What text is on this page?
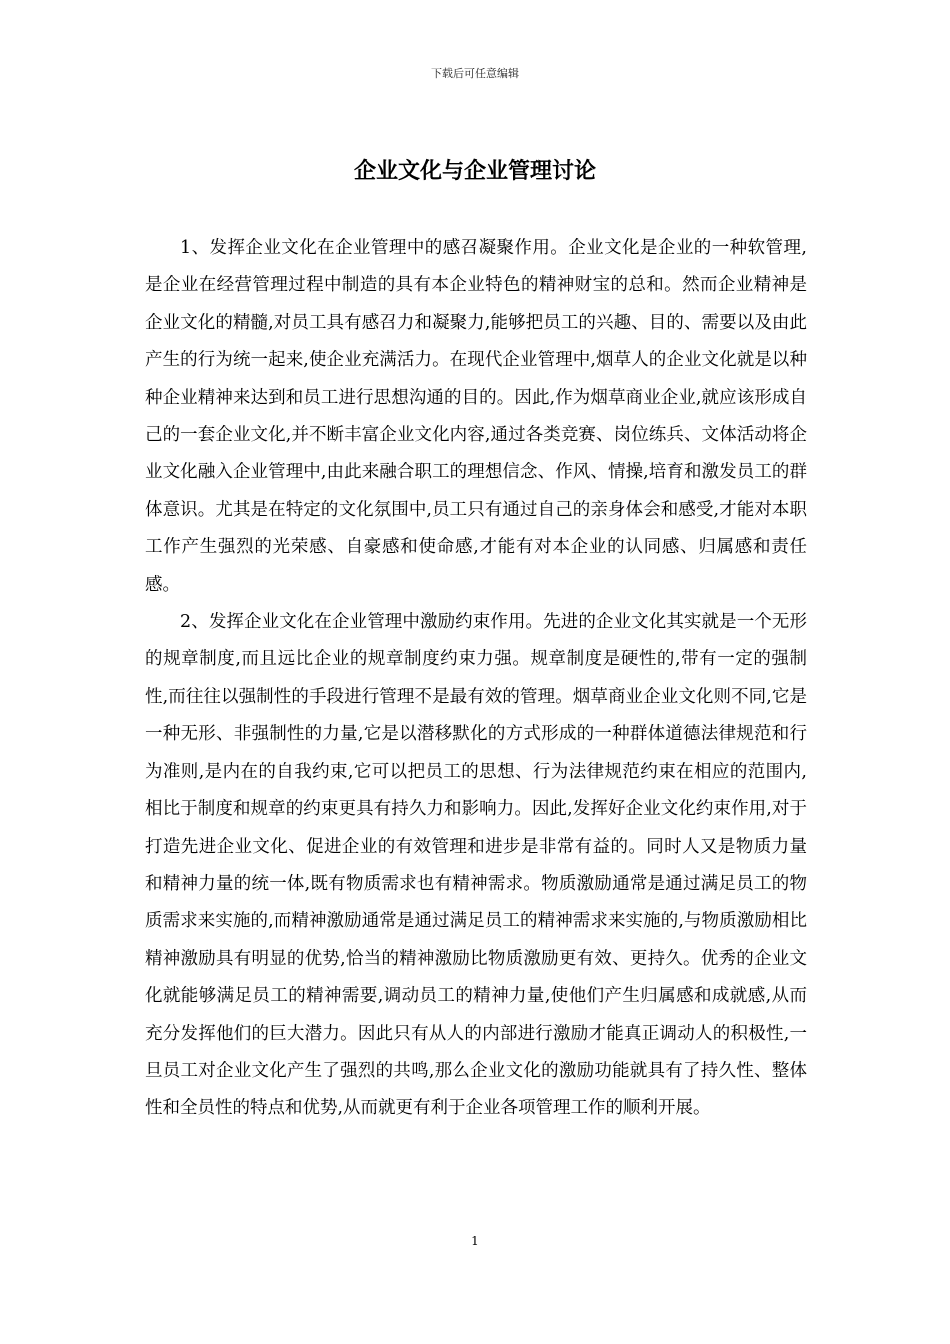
下载后可任意编辑
企业文化与企业管理讨论

1、发挥企业文化在企业管理中的感召凝聚作用。企业文化是企业的一种软管理,是企业在经营管理过程中制造的具有本企业特色的精神财宝的总和。然而企业精神是企业文化的精髓,对员工具有感召力和凝聚力,能够把员工的兴趣、目的、需要以及由此产生的行为统一起来,使企业充满活力。在现代企业管理中,烟草人的企业文化就是以种种企业精神来达到和员工进行思想沟通的目的。因此,作为烟草商业企业,就应该形成自己的一套企业文化,并不断丰富企业文化内容,通过各类竞赛、岗位练兵、文体活动将企业文化融入企业管理中,由此来融合职工的理想信念、作风、情操,培育和激发员工的群体意识。尤其是在特定的文化氛围中,员工只有通过自己的亲身体会和感受,才能对本职工作产生强烈的光荣感、自豪感和使命感,才能有对本企业的认同感、归属感和责任感。

2、发挥企业文化在企业管理中激励约束作用。先进的企业文化其实就是一个无形的规章制度,而且远比企业的规章制度约束力强。规章制度是硬性的,带有一定的强制性,而往往以强制性的手段进行管理不是最有效的管理。烟草商业企业文化则不同,它是一种无形、非强制性的力量,它是以潜移默化的方式形成的一种群体道德法律规范和行为准则,是内在的自我约束,它可以把员工的思想、行为法律规范约束在相应的范围内,相比于制度和规章的约束更具有持久力和影响力。因此,发挥好企业文化约束作用,对于打造先进企业文化、促进企业的有效管理和进步是非常有益的。同时人又是物质力量和精神力量的统一体,既有物质需求也有精神需求。物质激励通常是通过满足员工的物质需求来实施的,而精神激励通常是通过满足员工的精神需求来实施的,与物质激励相比精神激励具有明显的优势,恰当的精神激励比物质激励更有效、更持久。优秀的企业文化就能够满足员工的精神需要,调动员工的精神力量,使他们产生归属感和成就感,从而充分发挥他们的巨大潜力。因此只有从人的内部进行激励才能真正调动人的积极性,一旦员工对企业文化产生了强烈的共鸣,那么企业文化的激励功能就具有了持久性、整体性和全员性的特点和优势,从而就更有利于企业各项管理工作的顺利开展。

1
